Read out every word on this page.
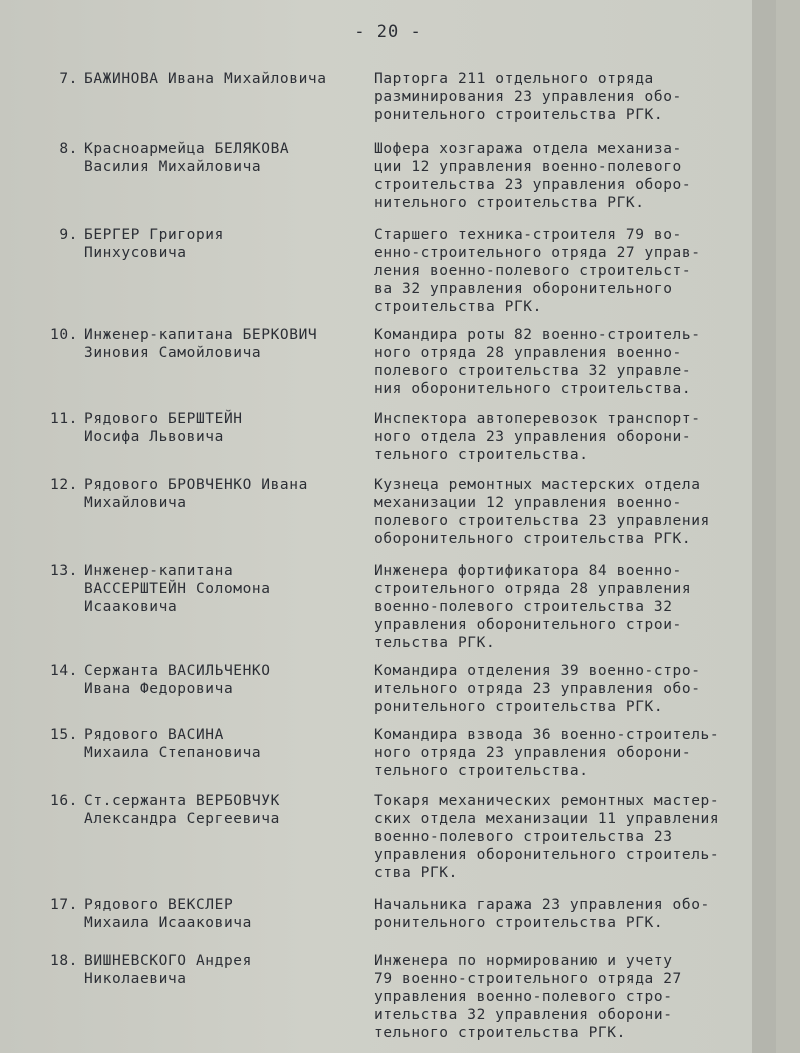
- 20 -
7. БАЖИНОВА Ивана Михайловича	Парторга 211 отдельного отряда
разминирования 23 управления обо-
ронительного строительства РГК.
8. Красноармейца БЕЛЯКОВА
Василия Михайловича
Шофера хозгаража отдела механиза-
ции 12 управления военно-полевого
строительства 23 управления оборо-
нительного строительства РГК.
9. БЕРГЕР Григория
Пинхусовича
Старшего техника-строителя 79 во-
енно-строительного отряда 27 управ-
ления военно-полевого строительст-
ва 32 управления оборонительного
строительства РГК.
10. Инженер-капитана БЕРКОВИЧ
Зиновия Самойловича
Командира роты 82 военно-строитель-
ного отряда 28 управления военно-
полевого строительства 32 управле-
ния оборонительного строительства.
11. Рядового БЕРШТЕЙН
Иосифа Львовича
Инспектора автоперевозок транспорт-
ного отдела 23 управления оборони-
тельного строительства.
12. Рядового БРОВЧЕНКО Ивана
Михайловича
Кузнеца ремонтных мастерских отдела
механизации 12 управления военно-
полевого строительства 23 управления
оборонительного строительства РГК.
13. Инженер-капитана
ВАССЕРШТЕЙН Соломона
Исааковича
Инженера фортификатора 84 военно-
строительного отряда 28 управления
военно-полевого строительства 32
управления оборонительного строи-
тельства РГК.
14. Сержанта ВАСИЛЬЧЕНКО
Ивана Федоровича
Командира отделения 39 военно-стро-
ительного отряда 23 управления обо-
ронительного строительства РГК.
15. Рядового ВАСИНА
Михаила Степановича
Командира взвода 36 военно-строитель-
ного отряда 23 управления оборони-
тельного строительства.
16. Ст.сержанта ВЕРБОВЧУК
Александра Сергеевича
Токаря механических ремонтных мастер-
ских отдела механизации 11 управления
военно-полевого строительства 23
управления оборонительного строитель-
ства РГК.
17. Рядового ВЕКСЛЕР
Михаила Исааковича
Начальника гаража 23 управления обо-
ронительного строительства РГК.
18. ВИШНЕВСКОГО Андрея
Николаевича
Инженера по нормированию и учету
79 военно-строительного отряда 27
управления военно-полевого стро-
ительства 32 управления оборони-
тельного строительства РГК.
